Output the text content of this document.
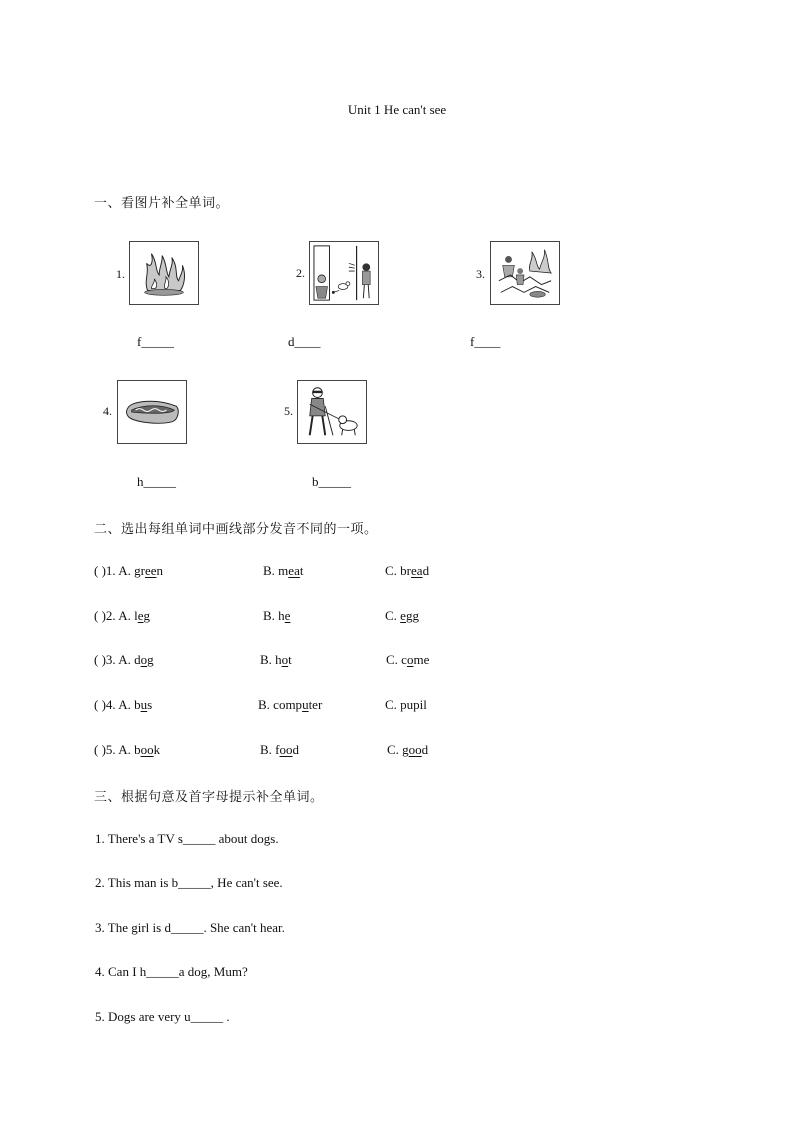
Unit 1 He can't see
一、看图片补全单词。
1.
f_____
2.
d____
3.
f____
4.
h_____
5.
b_____
二、选出每组单词中画线部分发音不同的一项。
( )1. A. green	B. meat	C. bread
( )2. A. leg	B. he	C. egg
( )3. A. dog	B. hot	C. come
( )4. A. bus	B. computer	C. pupil
( )5. A. book	B. food	C. good
三、根据句意及首字母提示补全单词。
1. There's a TV s_____ about dogs.
2. This man is b_____, He can't see.
3. The girl is d_____. She can't hear.
4. Can I h_____a dog, Mum?
5. Dogs are very u_____ .
